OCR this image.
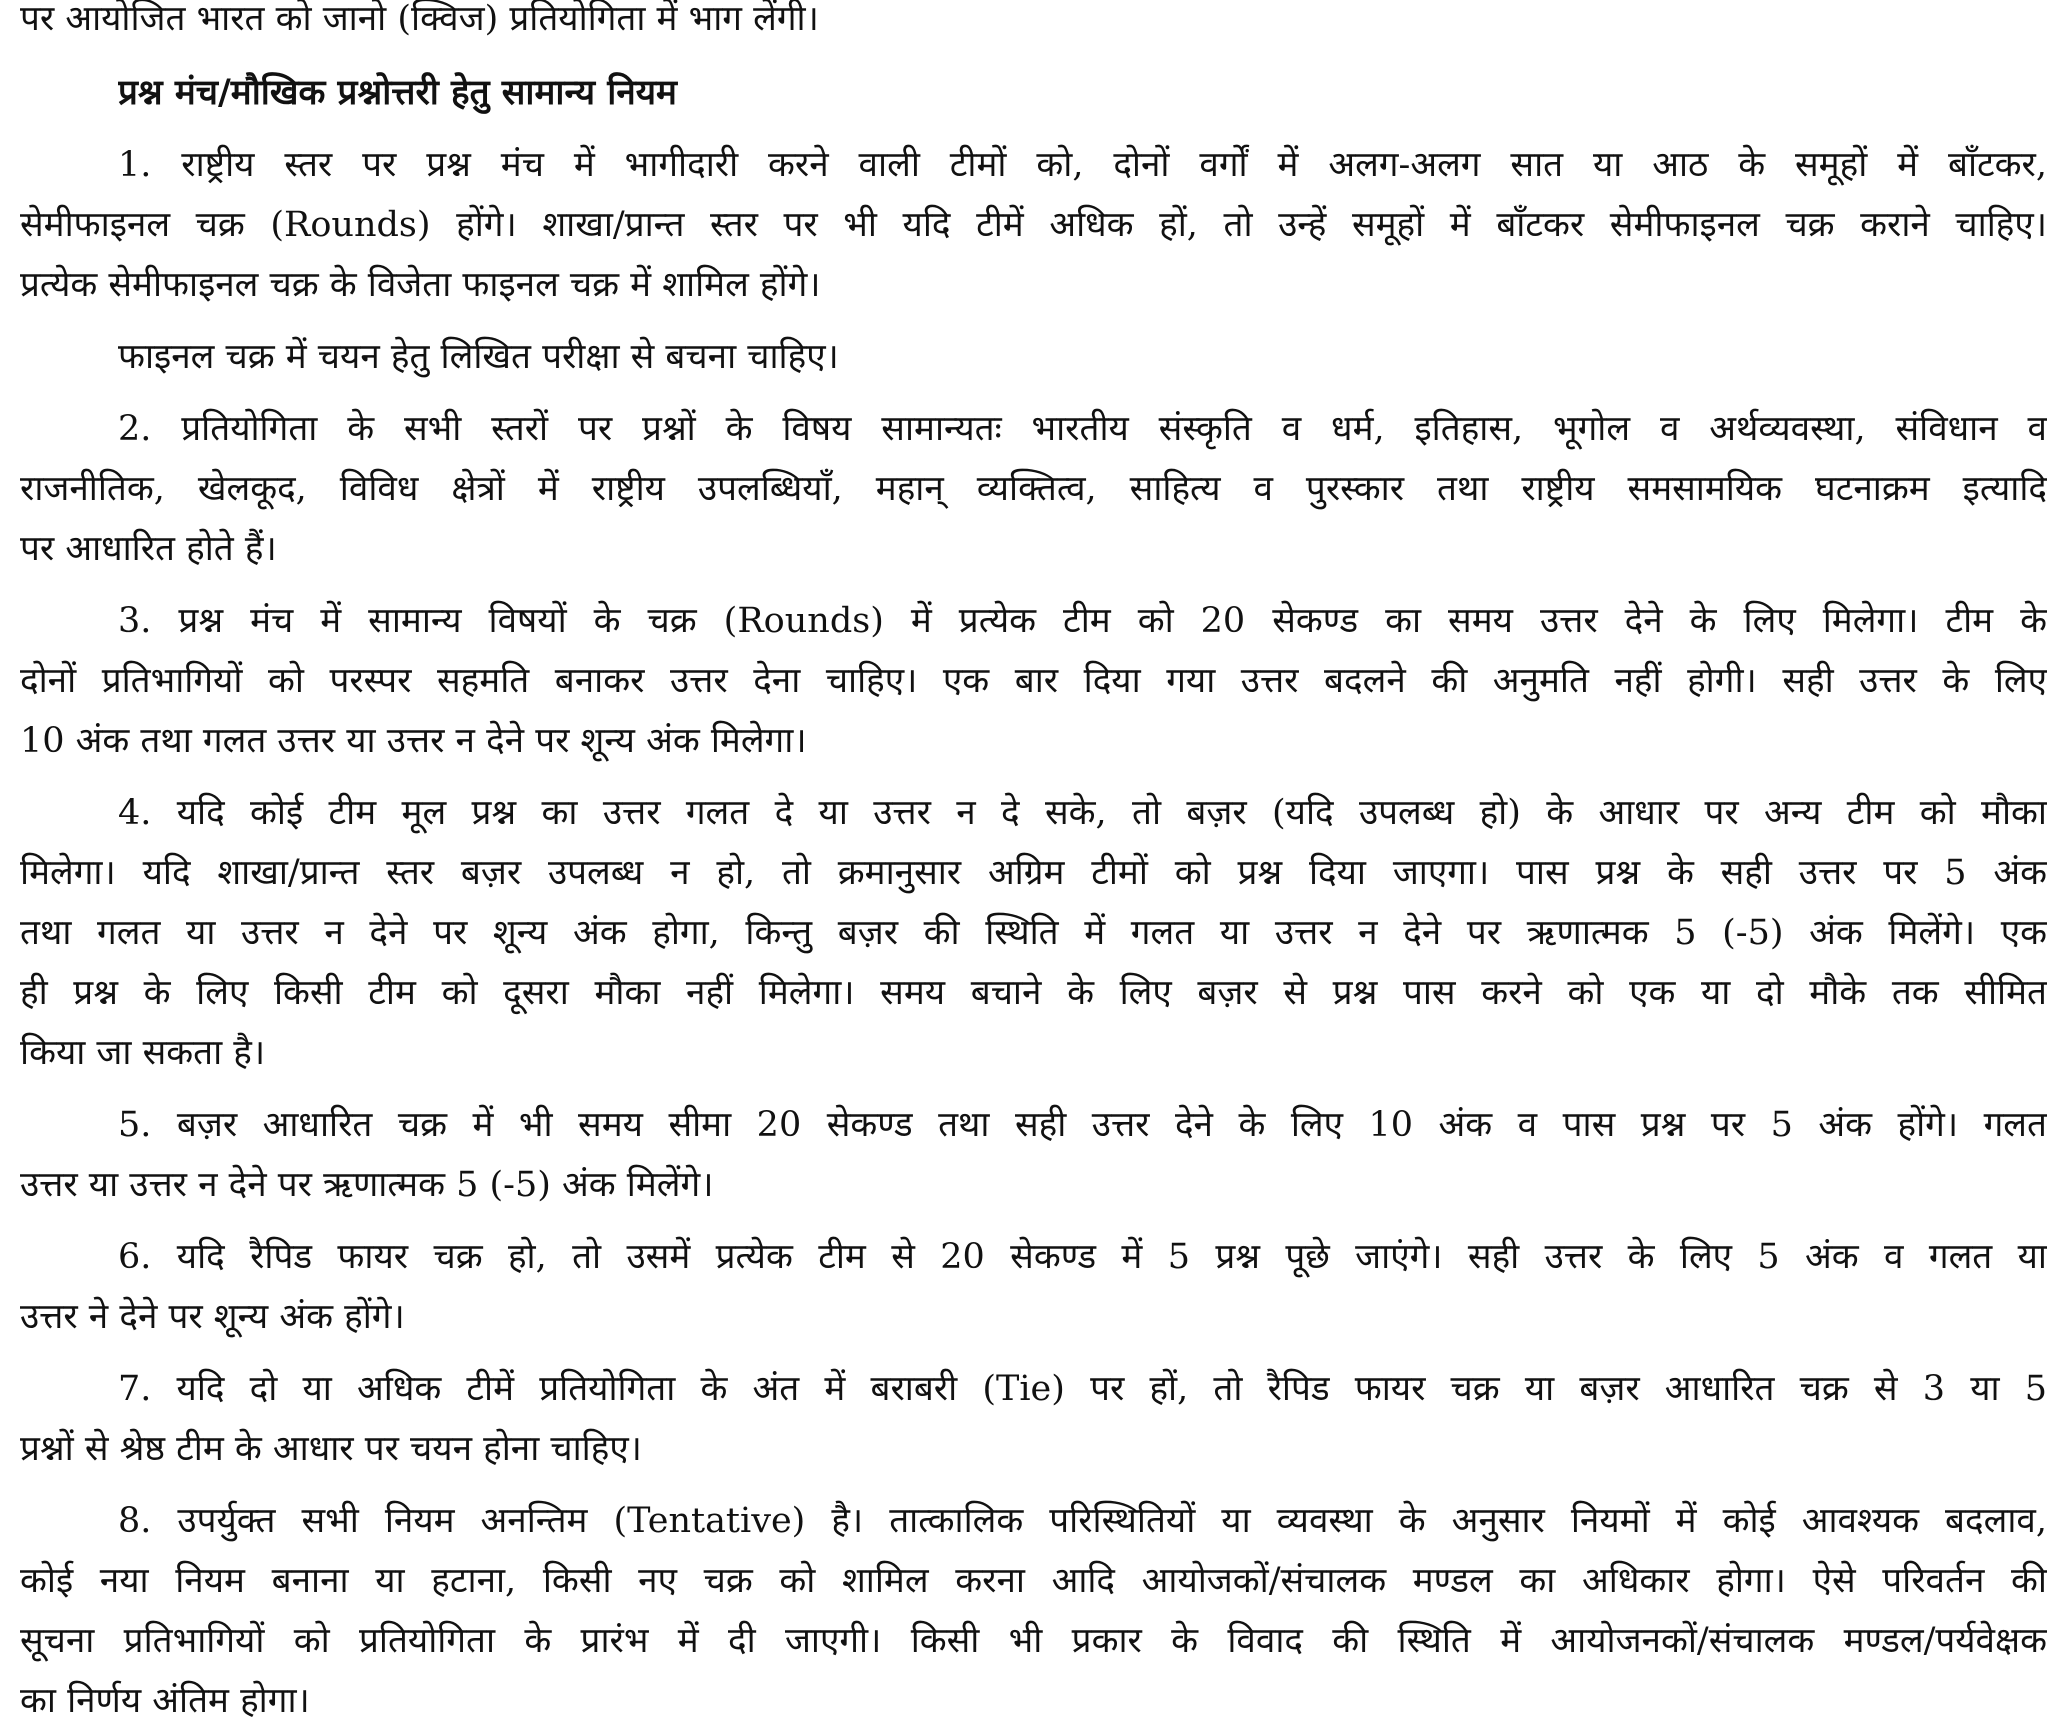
पर आयोजित भारत को जानो (क्विज) प्रतियोगिता में भाग लेंगी।
प्रश्न मंच/मौखिक प्रश्नोत्तरी हेतु सामान्य नियम
1. राष्ट्रीय स्तर पर प्रश्न मंच में भागीदारी करने वाली टीमों को, दोनों वर्गों में अलग-अलग सात या आठ के समूहों में बाँटकर,
सेमीफाइनल चक्र (Rounds) होंगे। शाखा/प्रान्त स्तर पर भी यदि टीमें अधिक हों, तो उन्हें समूहों में बाँटकर सेमीफाइनल चक्र कराने चाहिए।
प्रत्येक सेमीफाइनल चक्र के विजेता फाइनल चक्र में शामिल होंगे।
फाइनल चक्र में चयन हेतु लिखित परीक्षा से बचना चाहिए।
2. प्रतियोगिता के सभी स्तरों पर प्रश्नों के विषय सामान्यतः भारतीय संस्कृति व धर्म, इतिहास, भूगोल व अर्थव्यवस्था, संविधान व
राजनीतिक, खेलकूद, विविध क्षेत्रों में राष्ट्रीय उपलब्धियाँ, महान् व्यक्तित्व, साहित्य व पुरस्कार तथा राष्ट्रीय समसामयिक घटनाक्रम इत्यादि
पर आधारित होते हैं।
3. प्रश्न मंच में सामान्य विषयों के चक्र (Rounds) में प्रत्येक टीम को 20 सेकण्ड का समय उत्तर देने के लिए मिलेगा। टीम के
दोनों प्रतिभागियों को परस्पर सहमति बनाकर उत्तर देना चाहिए। एक बार दिया गया उत्तर बदलने की अनुमति नहीं होगी। सही उत्तर के लिए
10 अंक तथा गलत उत्तर या उत्तर न देने पर शून्य अंक मिलेगा।
4. यदि कोई टीम मूल प्रश्न का उत्तर गलत दे या उत्तर न दे सके, तो बज़र (यदि उपलब्ध हो) के आधार पर अन्य टीम को मौका
मिलेगा। यदि शाखा/प्रान्त स्तर बज़र उपलब्ध न हो, तो क्रमानुसार अग्रिम टीमों को प्रश्न दिया जाएगा। पास प्रश्न के सही उत्तर पर 5 अंक
तथा गलत या उत्तर न देने पर शून्य अंक होगा, किन्तु बज़र की स्थिति में गलत या उत्तर न देने पर ऋणात्मक 5 (-5) अंक मिलेंगे। एक
ही प्रश्न के लिए किसी टीम को दूसरा मौका नहीं मिलेगा। समय बचाने के लिए बज़र से प्रश्न पास करने को एक या दो मौके तक सीमित
किया जा सकता है।
5. बज़र आधारित चक्र में भी समय सीमा 20 सेकण्ड तथा सही उत्तर देने के लिए 10 अंक व पास प्रश्न पर 5 अंक होंगे। गलत
उत्तर या उत्तर न देने पर ऋणात्मक 5 (-5) अंक मिलेंगे।
6. यदि रैपिड फायर चक्र हो, तो उसमें प्रत्येक टीम से 20 सेकण्ड में 5 प्रश्न पूछे जाएंगे। सही उत्तर के लिए 5 अंक व गलत या
उत्तर ने देने पर शून्य अंक होंगे।
7. यदि दो या अधिक टीमें प्रतियोगिता के अंत में बराबरी (Tie) पर हों, तो रैपिड फायर चक्र या बज़र आधारित चक्र से 3 या 5
प्रश्नों से श्रेष्ठ टीम के आधार पर चयन होना चाहिए।
8. उपर्युक्त सभी नियम अनन्तिम (Tentative) है। तात्कालिक परिस्थितियों या व्यवस्था के अनुसार नियमों में कोई आवश्यक बदलाव,
कोई नया नियम बनाना या हटाना, किसी नए चक्र को शामिल करना आदि आयोजकों/संचालक मण्डल का अधिकार होगा। ऐसे परिवर्तन की
सूचना प्रतिभागियों को प्रतियोगिता के प्रारंभ में दी जाएगी। किसी भी प्रकार के विवाद की स्थिति में आयोजनकों/संचालक मण्डल/पर्यवेक्षक
का निर्णय अंतिम होगा।
